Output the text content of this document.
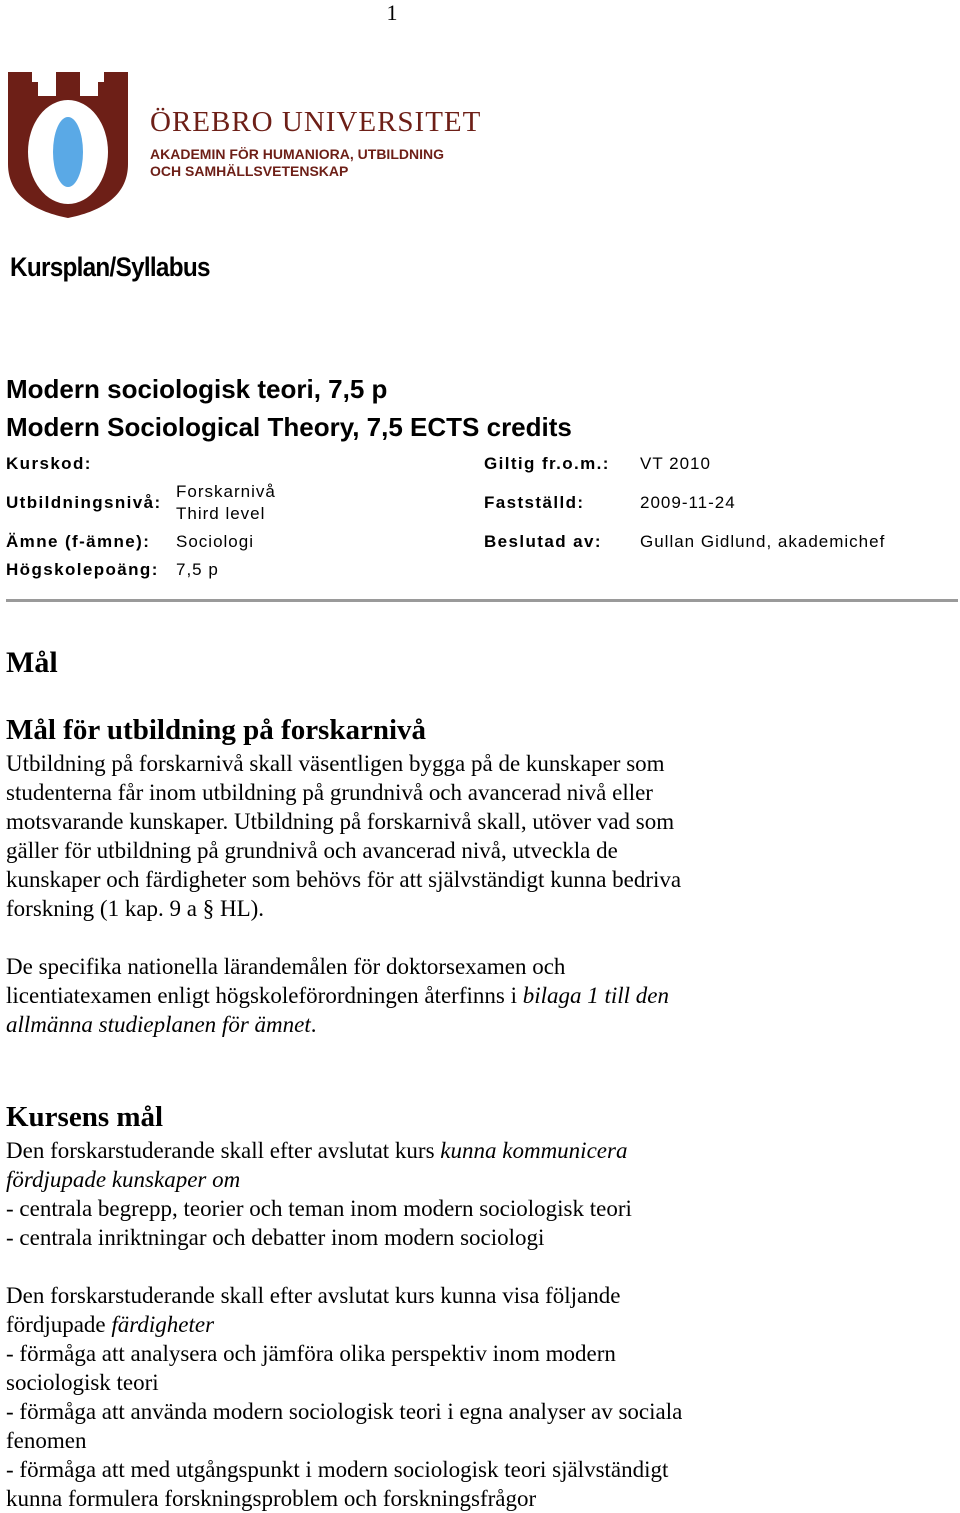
1
ÖREBRO UNIVERSITET
AKADEMIN FÖR HUMANIORA, UTBILDNING
OCH SAMHÄLLSVETENSKAP
Kursplan/Syllabus
Modern sociologisk teori, 7,5 p
Modern Sociological Theory, 7,5 ECTS credits
Kurskod:
Utbildningsnivå:
Forskarnivå
Third level
Ämne (f-ämne): Sociologi
Högskolepoäng: 7,5 p
Giltig fr.o.m.: VT 2010
Fastställd:	2009-11-24
Beslutad av: Gullan Gidlund, akademichef
Mål
Mål för utbildning på forskarnivå
Utbildning på forskarnivå skall väsentligen bygga på de kunskaper som
studenterna får inom utbildning på grundnivå och avancerad nivå eller
motsvarande kunskaper. Utbildning på forskarnivå skall, utöver vad som
gäller för utbildning på grundnivå och avancerad nivå, utveckla de
kunskaper och färdigheter som behövs för att självständigt kunna bedriva
forskning (1 kap. 9 a § HL).
De specifika nationella lärandemålen för doktorsexamen och
licentiatexamen enligt högskoleförordningen återfinns i bilaga 1 till den
allmänna studieplanen för ämnet.
Kursens mål
Den forskarstuderande skall efter avslutat kurs kunna kommunicera
fördjupade kunskaper om
- centrala begrepp, teorier och teman inom modern sociologisk teori
- centrala inriktningar och debatter inom modern sociologi
Den forskarstuderande skall efter avslutat kurs kunna visa följande
fördjupade färdigheter
- förmåga att analysera och jämföra olika perspektiv inom modern
sociologisk teori
- förmåga att använda modern sociologisk teori i egna analyser av sociala
fenomen
- förmåga att med utgångspunkt i modern sociologisk teori självständigt
kunna formulera forskningsproblem och forskningsfrågor
